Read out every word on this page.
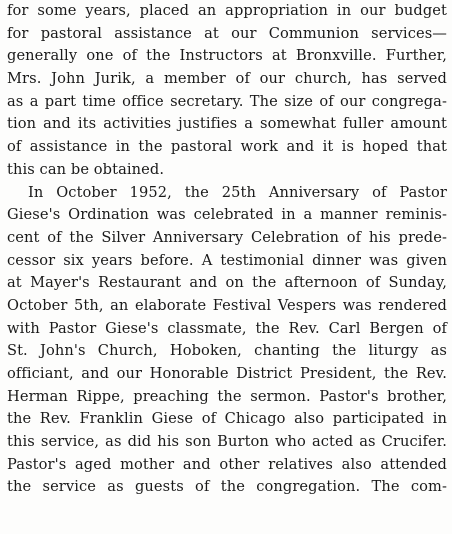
for some years, placed an appropriation in our budget
for pastoral assistance at our Communion services—
generally one of the Instructors at Bronxville. Further,
Mrs. John Jurik, a member of our church, has served
as a part time office secretary. The size of our congrega-
tion and its activities justifies a somewhat fuller amount
of assistance in the pastoral work and it is hoped that
this can be obtained.
In October 1952, the 25th Anniversary of Pastor
Giese's Ordination was celebrated in a manner reminis-
cent of the Silver Anniversary Celebration of his prede-
cessor six years before. A testimonial dinner was given
at Mayer's Restaurant and on the afternoon of Sunday,
October 5th, an elaborate Festival Vespers was rendered
with Pastor Giese's classmate, the Rev. Carl Bergen of
St. John's Church, Hoboken, chanting the liturgy as
officiant, and our Honorable District President, the Rev.
Herman Rippe, preaching the sermon. Pastor's brother,
the Rev. Franklin Giese of Chicago also participated in
this service, as did his son Burton who acted as Crucifer.
Pastor's aged mother and other relatives also attended
the service as guests of the congregation. The com-
